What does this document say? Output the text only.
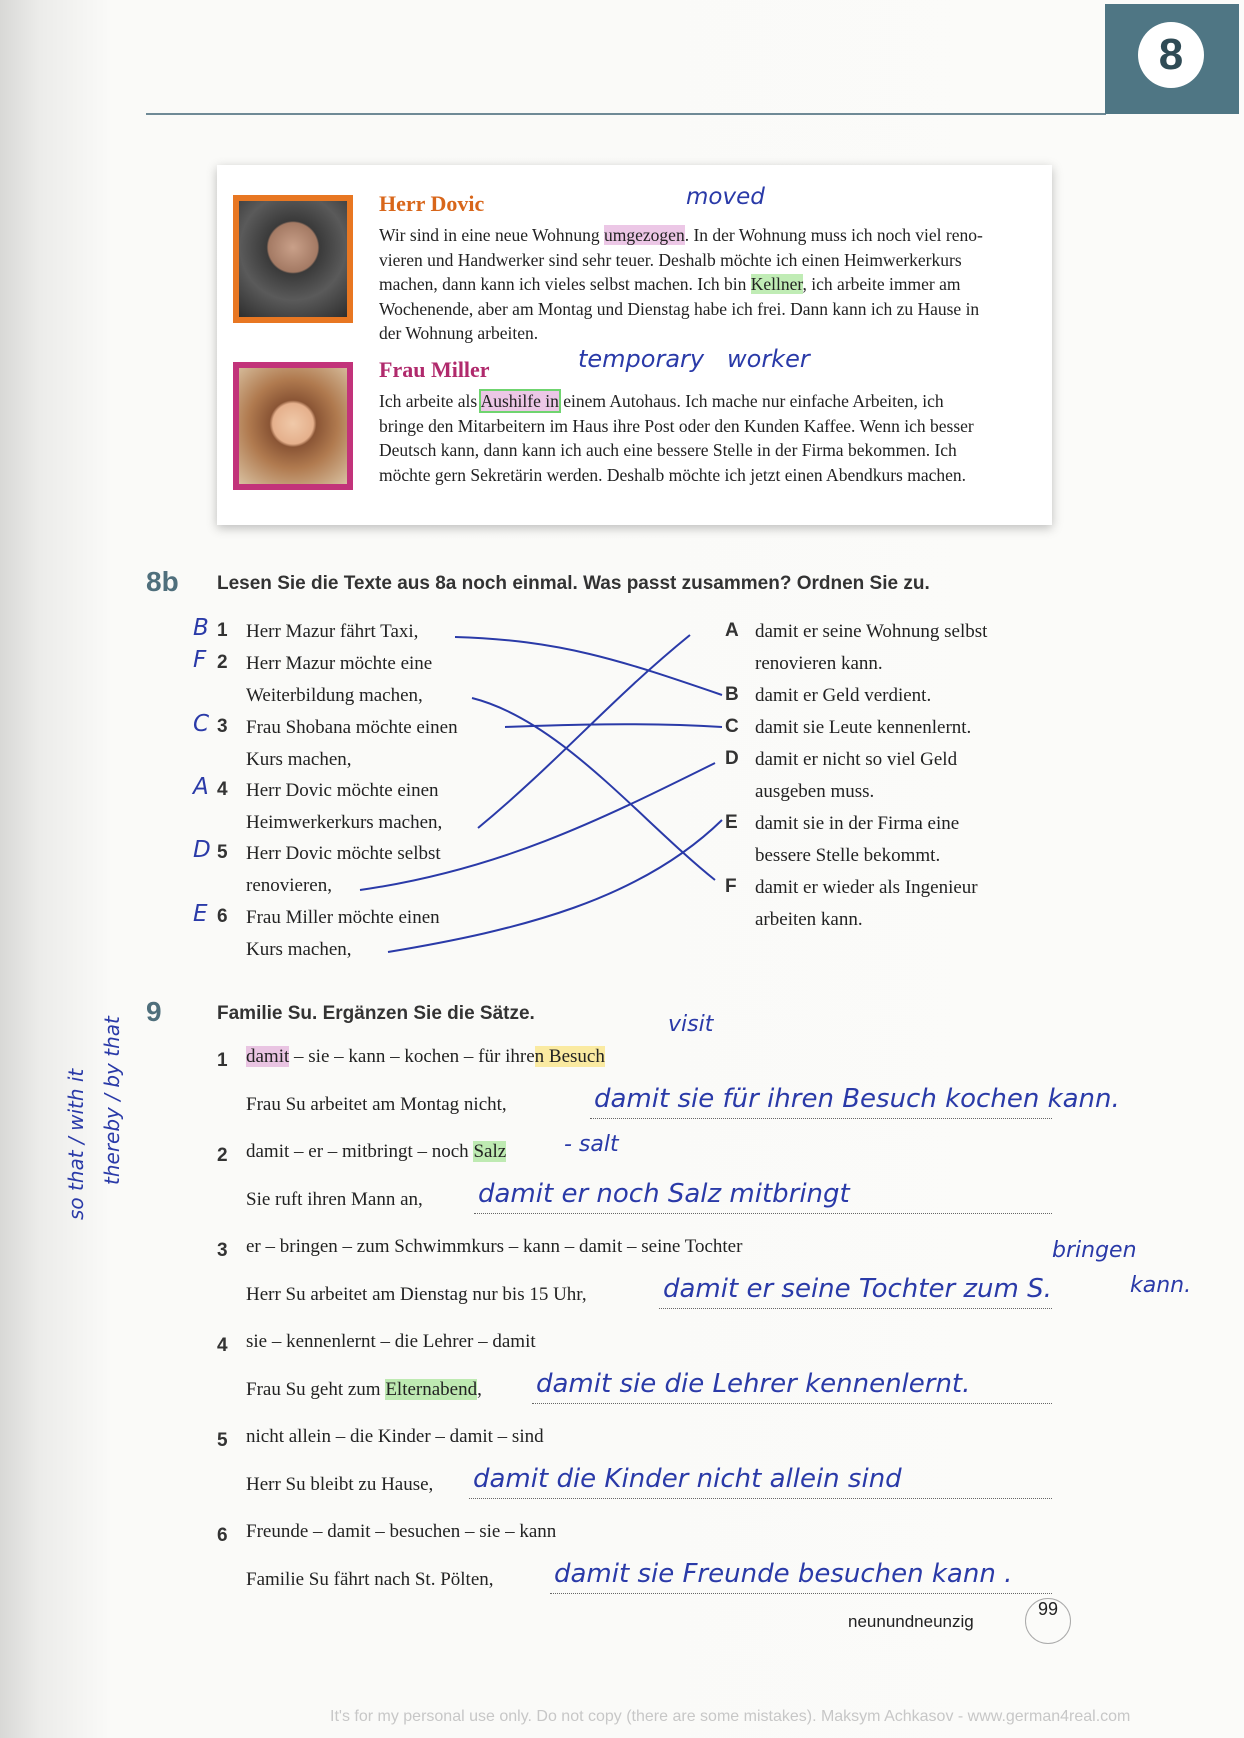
8
Herr Dovic
Wir sind in eine neue Wohnung umgezogen. In der Wohnung muss ich noch viel reno-
vieren und Handwerker sind sehr teuer. Deshalb möchte ich einen Heimwerkerkurs
machen, dann kann ich vieles selbst machen. Ich bin Kellner, ich arbeite immer am
Wochenende, aber am Montag und Dienstag habe ich frei. Dann kann ich zu Hause in
der Wohnung arbeiten.
Frau Miller
Ich arbeite als Aushilfe in einem Autohaus. Ich mache nur einfache Arbeiten, ich
bringe den Mitarbeitern im Haus ihre Post oder den Kunden Kaffee. Wenn ich besser
Deutsch kann, dann kann ich auch eine bessere Stelle in der Firma bekommen. Ich
möchte gern Sekretärin werden. Deshalb möchte ich jetzt einen Abendkurs machen.
moved
temporary   worker
8b Lesen Sie die Texte aus 8a noch einmal. Was passt zusammen? Ordnen Sie zu.
B 1 Herr Mazur fährt Taxi,
F 2 Herr Mazur möchte eine
Weiterbildung machen,
C 3 Frau Shobana möchte einen
Kurs machen,
A 4 Herr Dovic möchte einen
Heimwerkerkurs machen,
D 5 Herr Dovic möchte selbst
renovieren,
E 6 Frau Miller möchte einen
Kurs machen,
A damit er seine Wohnung selbst
renovieren kann.
B damit er Geld verdient.
C damit sie Leute kennenlernt.
D damit er nicht so viel Geld
ausgeben muss.
E damit sie in der Firma eine
bessere Stelle bekommt.
F damit er wieder als Ingenieur
arbeiten kann.
9	Familie Su. Ergänzen Sie die Sätze.
so that / with it thereby / by that	1 damit – sie – kann – kochen – für ihren Besuch
Frau Su arbeitet am Montag nicht,	damit sie für ihren Besuch kochen kann.
2 damit – er – mitbringt – noch Salz
Sie ruft ihren Mann an, damit er noch Salz mitbringt
3 er – bringen – zum Schwimmkurs – kann – damit – seine Tochter
Herr Su arbeitet am Dienstag nur bis 15 Uhr,	damit er seine Tochter zum S.
4 sie – kennenlernt – die Lehrer – damit
Frau Su geht zum Elternabend, damit sie die Lehrer kennenlernt.
5 nicht allein – die Kinder – damit – sind
Herr Su bleibt zu Hause, damit die Kinder nicht allein sind
6 Freunde – damit – besuchen – sie – kann
Familie Su fährt nach St. Pölten, damit sie Freunde besuchen kann .
visit
- salt
bringen
kann.
neunundneunzig
99
It's for my personal use only. Do not copy (there are some mistakes). Maksym Achkasov - www.german4real.com
